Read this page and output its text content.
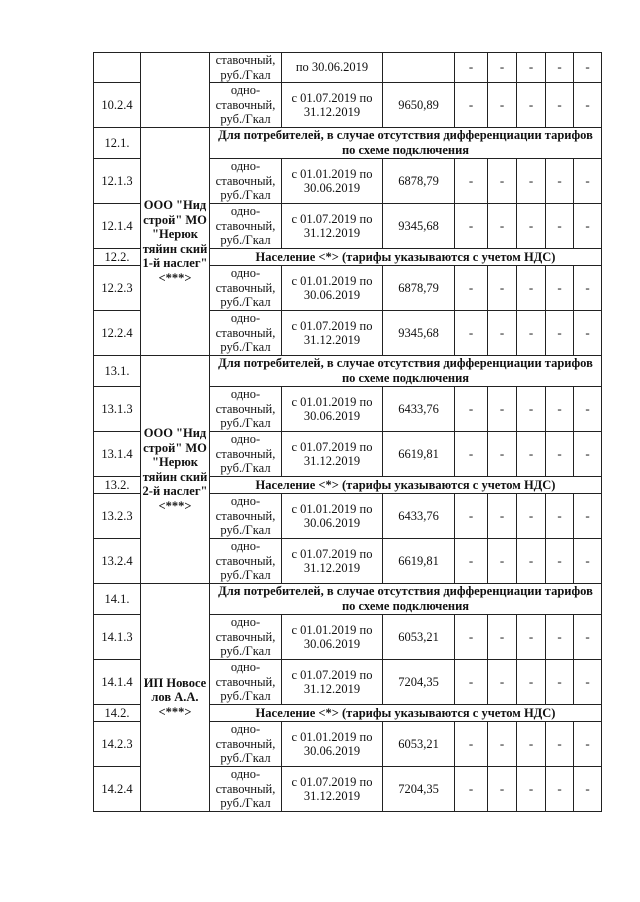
		ставочный, руб./Гкал	по 30.06.2019		-	-	-	-	-
10.2.4		одно-ставочный, руб./Гкал	с 01.07.2019 по 31.12.2019	9650,89	-	-	-	-	-
12.1.	ООО "Нид строй" МО "Нерюк тяйин ский 1-й наслег" <***>	Для потребителей, в случае отсутствия дифференциации тарифов по схеме подключения							
12.1.3		одно-ставочный, руб./Гкал	с 01.01.2019 по 30.06.2019	6878,79	-	-	-	-	-
12.1.4		одно-ставочный, руб./Гкал	с 01.07.2019 по 31.12.2019	9345,68	-	-	-	-	-
12.2.		Население <*> (тарифы указываются с учетом НДС)							
12.2.3		одно-ставочный, руб./Гкал	с 01.01.2019 по 30.06.2019	6878,79	-	-	-	-	-
12.2.4		одно-ставочный, руб./Гкал	с 01.07.2019 по 31.12.2019	9345,68	-	-	-	-	-
13.1.	ООО "Нид строй" МО "Нерюк тяйин ский 2-й наслег" <***>	Для потребителей, в случае отсутствия дифференциации тарифов по схеме подключения							
13.1.3		одно-ставочный, руб./Гкал	с 01.01.2019 по 30.06.2019	6433,76	-	-	-	-	-
13.1.4		одно-ставочный, руб./Гкал	с 01.07.2019 по 31.12.2019	6619,81	-	-	-	-	-
13.2.		Население <*> (тарифы указываются с учетом НДС)							
13.2.3		одно-ставочный, руб./Гкал	с 01.01.2019 по 30.06.2019	6433,76	-	-	-	-	-
13.2.4		одно-ставочный, руб./Гкал	с 01.07.2019 по 31.12.2019	6619,81	-	-	-	-	-
14.1.	ИП Новосе лов А.А. <***>	Для потребителей, в случае отсутствия дифференциации тарифов по схеме подключения							
14.1.3		одно-ставочный, руб./Гкал	с 01.01.2019 по 30.06.2019	6053,21	-	-	-	-	-
14.1.4		одно-ставочный, руб./Гкал	с 01.07.2019 по 31.12.2019	7204,35	-	-	-	-	-
14.2.		Население <*> (тарифы указываются с учетом НДС)							
14.2.3		одно-ставочный, руб./Гкал	с 01.01.2019 по 30.06.2019	6053,21	-	-	-	-	-
14.2.4		одно-ставочный, руб./Гкал	с 01.07.2019 по 31.12.2019	7204,35	-	-	-	-	-
